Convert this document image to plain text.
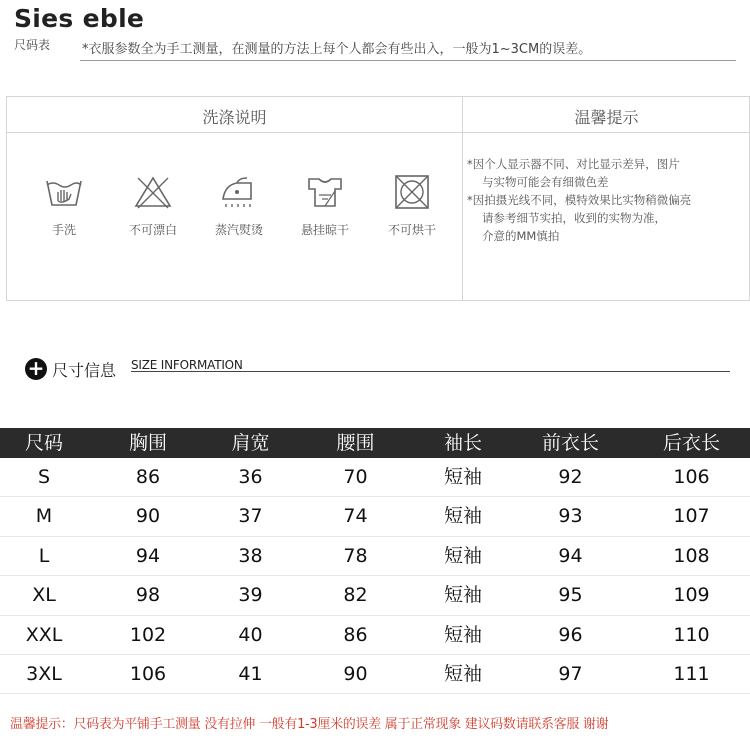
Sies eble
尺码表 *衣服参数全为手工测量，在测量的方法上每个人都会有些出入，一般为1~3CM的误差。
洗涤说明	温馨提示
手洗	不可漂白	蒸汽熨烫	悬挂晾干	不可烘干

*因个人显示器不同、对比显示差异，图片

与实物可能会有细微色差

*因拍摄光线不同，模特效果比实物稍微偏亮

请参考细节实拍，收到的实物为准，

介意的MM慎拍

+ 尺寸信息 SIZE INFORMATION
尺码	胸围	肩宽	腰围	袖长	前衣长	后衣长
S	86	36	70	短袖	92	106
M	90	37	74	短袖	93	107
L	94	38	78	短袖	94	108
XL	98	39	82	短袖	95	109
XXL	102	40	86	短袖	96	110
3XL	106	41	90	短袖	97	111
温馨提示：尺码表为平铺手工测量 没有拉伸 一般有1-3厘米的误差 属于正常现象 建议码数请联系客服 谢谢
